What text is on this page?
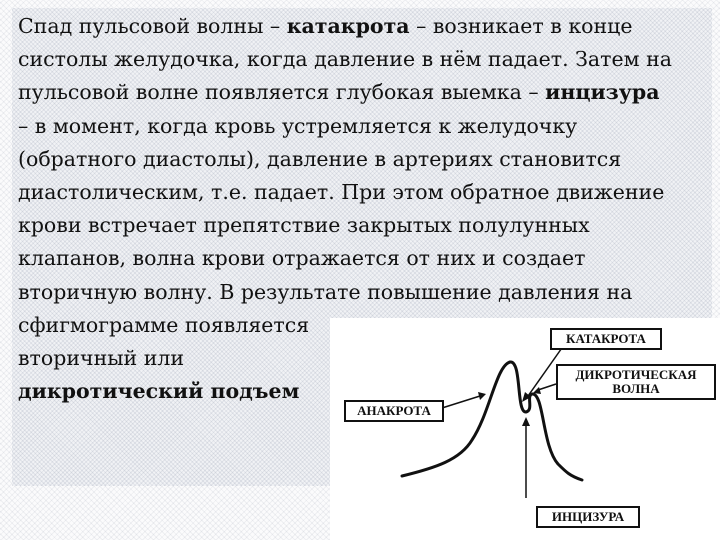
Спад пульсовой волны – катакрота – возникает в конце
систолы желудочка, когда давление в нём падает. Затем на
пульсовой волне появляется глубокая выемка – инцизура
– в момент, когда кровь устремляется к желудочку
(обратного диастолы), давление в артериях становится
диастолическим, т.е. падает. При этом обратное движение
крови встречает препятствие закрытых полулунных
клапанов, волна крови отражается от них и создает
вторичную волну. В результате повышение давления на
сфигмограмме появляется
вторичный или
дикротический подъем
КАТАКРОТА
ДИКРОТИЧЕСКАЯ
ВОЛНА
АНАКРОТА
ИНЦИЗУРА
